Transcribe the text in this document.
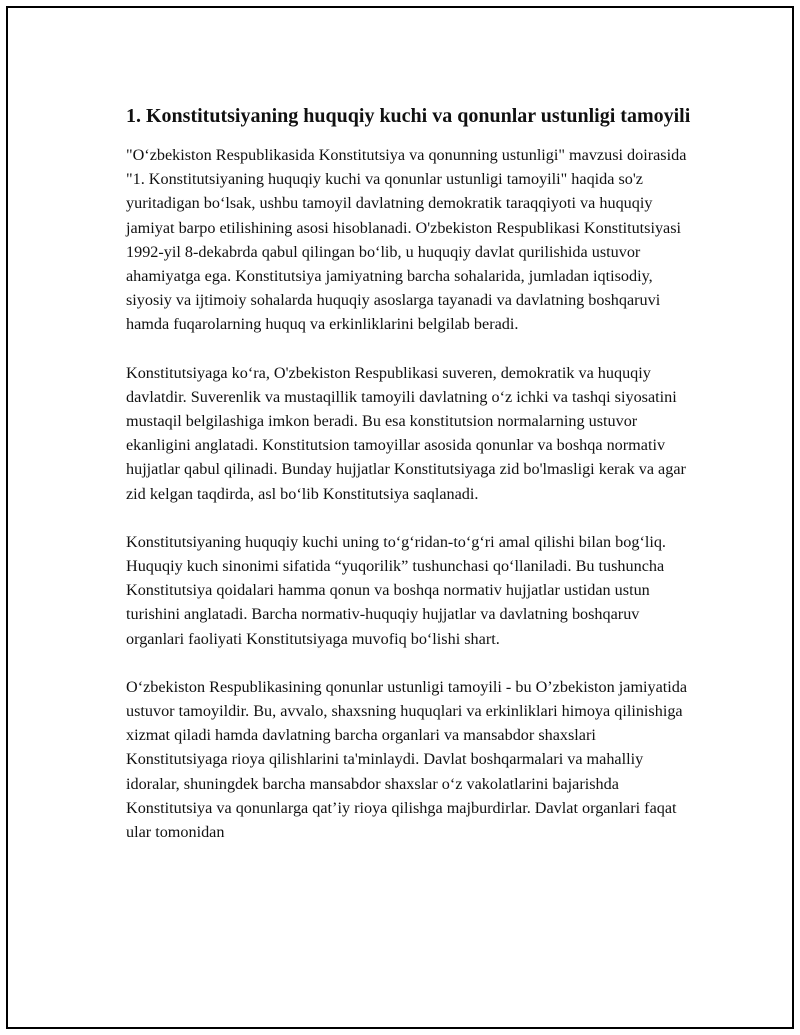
1. Konstitutsiyaning huquqiy kuchi va qonunlar ustunligi tamoyili

"O‘zbekiston Respublikasida Konstitutsiya va qonunning ustunligi" mavzusi doirasida "1. Konstitutsiyaning huquqiy kuchi va qonunlar ustunligi tamoyili" haqida so'z yuritadigan bo‘lsak, ushbu tamoyil davlatning demokratik taraqqiyoti va huquqiy jamiyat barpo etilishining asosi hisoblanadi. O'zbekiston Respublikasi Konstitutsiyasi 1992-yil 8-dekabrda qabul qilingan bo‘lib, u huquqiy davlat qurilishida ustuvor ahamiyatga ega. Konstitutsiya jamiyatning barcha sohalarida, jumladan iqtisodiy, siyosiy va ijtimoiy sohalarda huquqiy asoslarga tayanadi va davlatning boshqaruvi hamda fuqarolarning huquq va erkinliklarini belgilab beradi.

Konstitutsiyaga ko‘ra, O'zbekiston Respublikasi suveren, demokratik va huquqiy davlatdir. Suverenlik va mustaqillik tamoyili davlatning o‘z ichki va tashqi siyosatini mustaqil belgilashiga imkon beradi. Bu esa konstitutsion normalarning ustuvor ekanligini anglatadi. Konstitutsion tamoyillar asosida qonunlar va boshqa normativ hujjatlar qabul qilinadi. Bunday hujjatlar Konstitutsiyaga zid bo'lmasligi kerak va agar zid kelgan taqdirda, asl bo‘lib Konstitutsiya saqlanadi.

Konstitutsiyaning huquqiy kuchi uning to‘g‘ridan-to‘g‘ri amal qilishi bilan bog‘liq. Huquqiy kuch sinonimi sifatida “yuqorilik” tushunchasi qo‘llaniladi. Bu tushuncha Konstitutsiya qoidalari hamma qonun va boshqa normativ hujjatlar ustidan ustun turishini anglatadi. Barcha normativ-huquqiy hujjatlar va davlatning boshqaruv organlari faoliyati Konstitutsiyaga muvofiq bo‘lishi shart.

O‘zbekiston Respublikasining qonunlar ustunligi tamoyili - bu O’zbekiston jamiyatida ustuvor tamoyildir. Bu, avvalo, shaxsning huquqlari va erkinliklari himoya qilinishiga xizmat qiladi hamda davlatning barcha organlari va mansabdor shaxslari Konstitutsiyaga rioya qilishlarini ta'minlaydi. Davlat boshqarmalari va mahalliy idoralar, shuningdek barcha mansabdor shaxslar o‘z vakolatlarini bajarishda Konstitutsiya va qonunlarga qat’iy rioya qilishga majburdirlar. Davlat organlari faqat ular tomonidan
